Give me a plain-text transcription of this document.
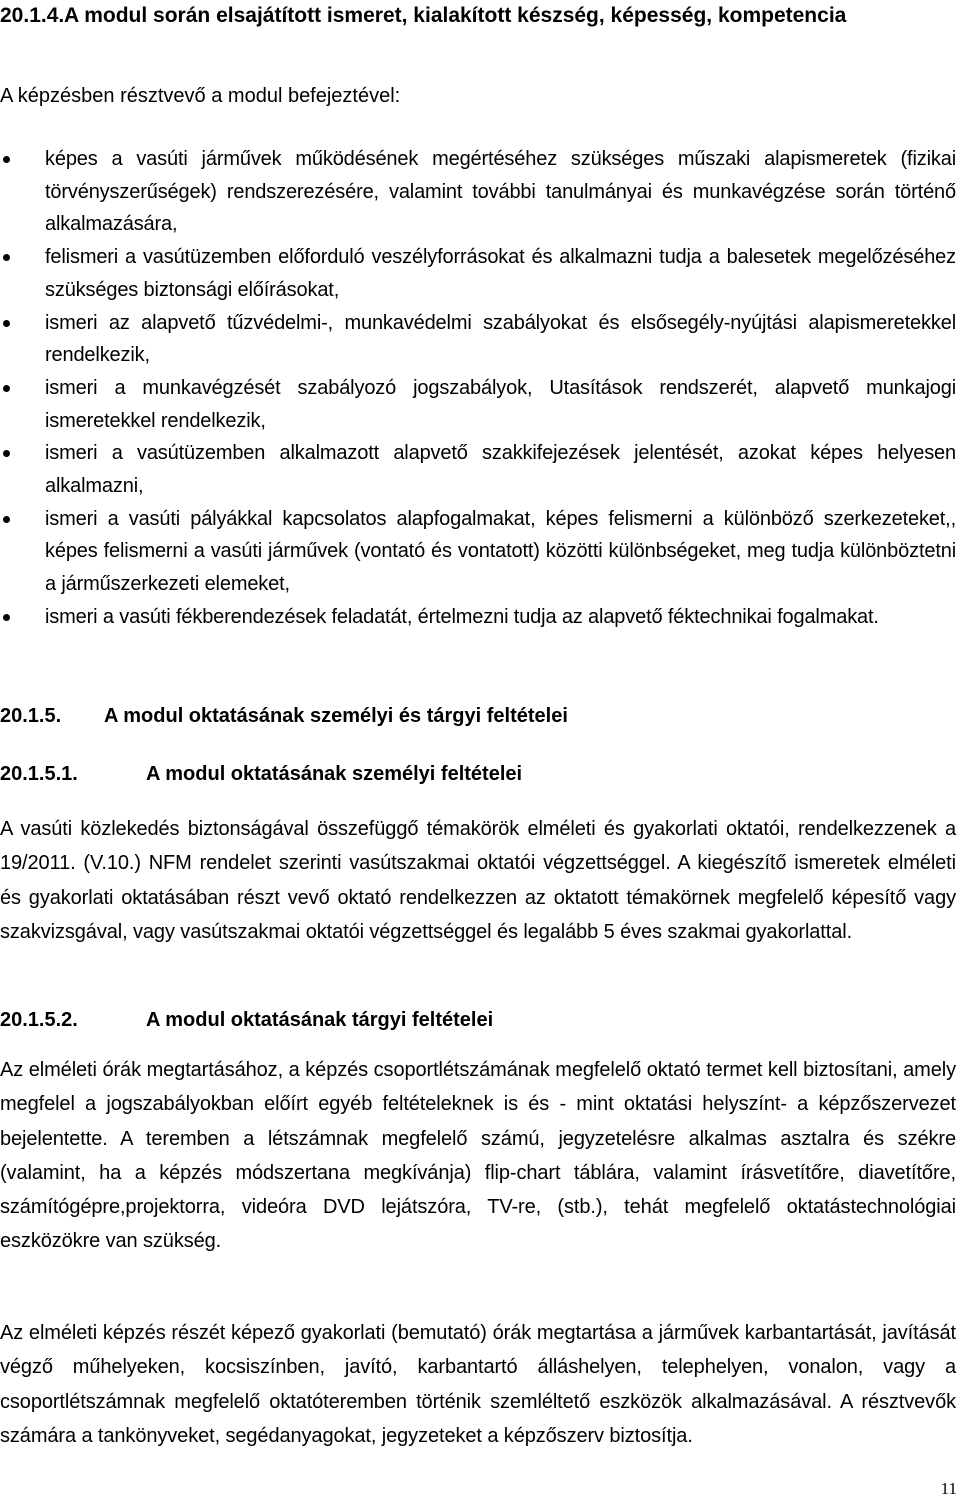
20.1.4.A modul során elsajátított ismeret, kialakított készség, képesség, kompetencia
A képzésben résztvevő a modul befejeztével:
képes a vasúti járművek működésének megértéséhez szükséges műszaki alapismeretek (fizikai törvényszerűségek) rendszerezésére, valamint további tanulmányai és munkavégzése során történő alkalmazására,
felismeri a vasútüzemben előforduló veszélyforrásokat és alkalmazni tudja a balesetek megelőzéséhez szükséges biztonsági előírásokat,
ismeri az alapvető tűzvédelmi-, munkavédelmi szabályokat és elsősegély-nyújtási alapismeretekkel rendelkezik,
ismeri a munkavégzését szabályozó jogszabályok, Utasítások rendszerét, alapvető munkajogi ismeretekkel rendelkezik,
ismeri a vasútüzemben alkalmazott alapvető szakkifejezések jelentését, azokat képes helyesen alkalmazni,
ismeri a vasúti pályákkal kapcsolatos alapfogalmakat, képes felismerni a különböző szerkezeteket,, képes felismerni a vasúti járművek (vontató és vontatott) közötti különbségeket, meg tudja különböztetni a járműszerkezeti elemeket,
ismeri a vasúti fékberendezések feladatát, értelmezni tudja az alapvető féktechnikai fogalmakat.
20.1.5. A modul oktatásának személyi és tárgyi feltételei
20.1.5.1.	A modul oktatásának személyi feltételei

A vasúti közlekedés biztonságával összefüggő témakörök elméleti és gyakorlati oktatói, rendelkezzenek a 19/2011. (V.10.) NFM rendelet szerinti vasútszakmai oktatói végzettséggel. A kiegészítő ismeretek elméleti és gyakorlati oktatásában részt vevő oktató rendelkezzen az oktatott témakörnek megfelelő képesítő vagy szakvizsgával, vagy vasútszakmai oktatói végzettséggel és legalább 5 éves szakmai gyakorlattal.

20.1.5.2.	A modul oktatásának tárgyi feltételei

Az elméleti órák megtartásához, a képzés csoportlétszámának megfelelő oktató termet kell biztosítani, amely megfelel a jogszabályokban előírt egyéb feltételeknek is és - mint oktatási helyszínt- a képzőszervezet bejelentette. A teremben a létszámnak megfelelő számú, jegyzetelésre alkalmas asztalra és székre (valamint, ha a képzés módszertana megkívánja) flip-chart táblára, valamint írásvetítőre, diavetítőre, számítógépre,projektorra, videóra DVD lejátszóra, TV-re, (stb.), tehát megfelelő oktatástechnológiai eszközökre van szükség.

Az elméleti képzés részét képező gyakorlati (bemutató) órák megtartása a járművek karbantartását, javítását végző műhelyeken, kocsiszínben, javító, karbantartó álláshelyen, telephelyen, vonalon, vagy a csoportlétszámnak megfelelő oktatóteremben történik szemléltető eszközök alkalmazásával. A résztvevők számára a tankönyveket, segédanyagokat, jegyzeteket a képzőszerv biztosítja.

11
